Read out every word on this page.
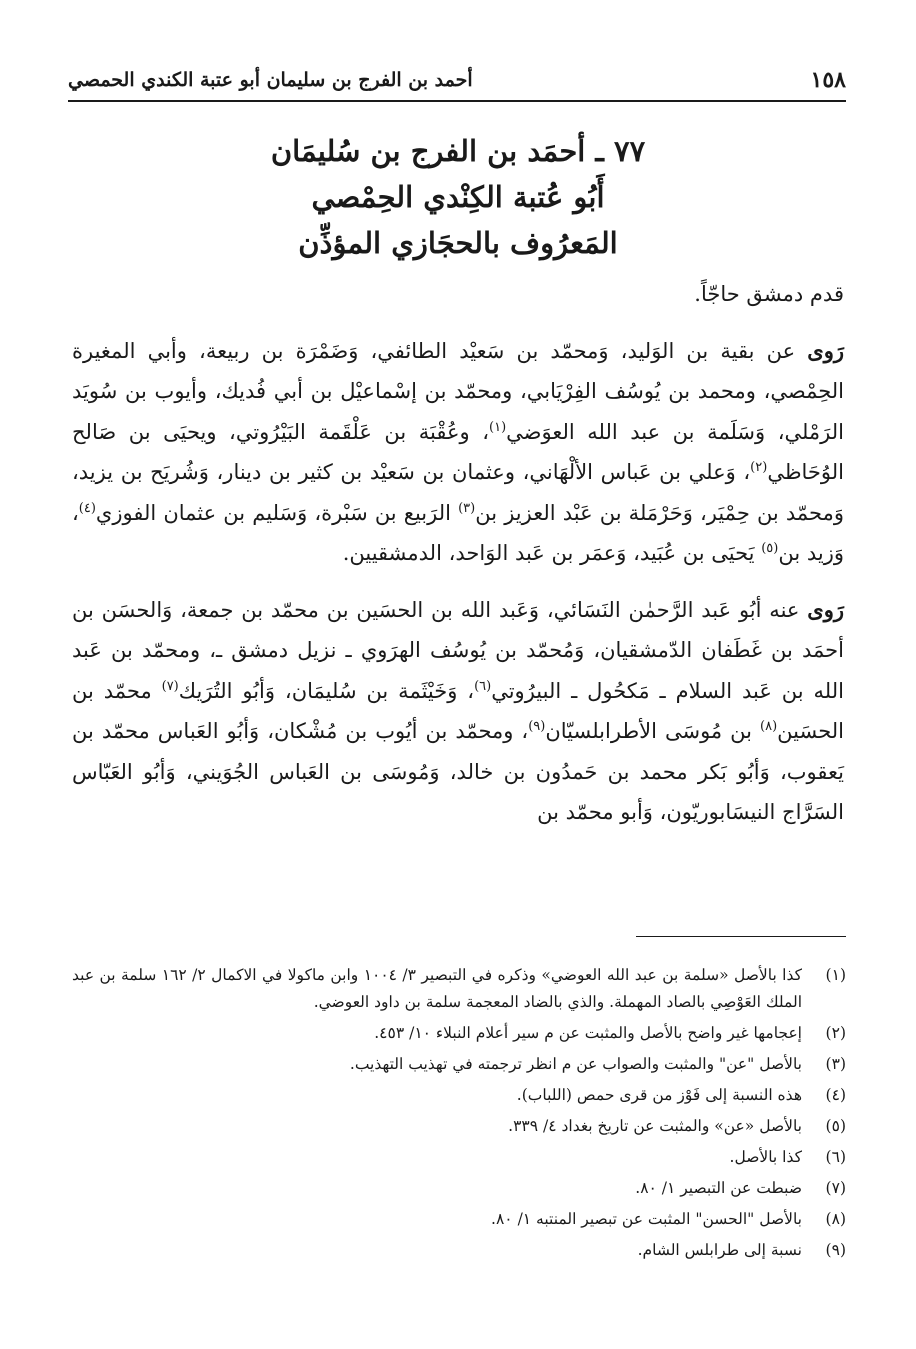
١٥٨
أحمد بن الفرج بن سليمان أبو عتبة الكندي الحمصي
٧٧ ـ أحمَد بن الفرج بن سُليمَان
أَبُو عُتبة الكِنْدي الحِمْصي
المَعرُوف بالحجَازي المؤذِّن

قدم دمشق حاجّاً.

رَوى عن بقية بن الوَليد، وَمحمّد بن سَعيْد الطائفي، وَضَمْرَة بن ربيعة، وأبي المغيرة الحِمْصي، ومحمد بن يُوسُف الفِرْيَابي، ومحمّد بن إسْماعيْل بن أبي فُديك، وأيوب بن سُويَد الرَمْلي، وَسَلَمة بن عبد الله العوَضي$^{(١)}$، وعُقْبَة بن عَلْقَمة البَيْرُوتي، ويحيَى بن صَالح الوُحَاظي$^{(٢)}$، وَعلي بن عَباس الألْهَاني، وعثمان بن سَعيْد بن كثير بن دينار، وَشُريَح بن يزيد، وَمحمّد بن حِمْيَر، وَحَرْمَلة بن عَبْد العزيز بن$^{(٣)}$ الرَبيع بن سَبْرة، وَسَليم بن عثمان الفوزي$^{(٤)}$، وَزيد بن$^{(٥)}$ يَحيَى بن عُبَيد، وَعمَر بن عَبد الوَاحد، الدمشقيين.

رَوى عنه أبُو عَبد الرَّحمٰن النَسَائي، وَعَبد الله بن الحسَين بن محمّد بن جمعة، وَالحسَن بن أحمَد بن غَطَفان الدّمشقيان، وَمُحمّد بن يُوسُف الهرَوي ـ نزيل دمشق ـ، ومحمّد بن عَبد الله بن عَبد السلام ـ مَكحُول ـ البيرُوتي$^{(٦)}$، وَخَيْثَمة بن سُليمَان، وَأبُو التُرَيك$^{(٧)}$ محمّد بن الحسَين$^{(٨)}$ بن مُوسَى الأطرابلسيّان$^{(٩)}$، ومحمّد بن أيُوب بن مُشْكان، وَأبُو العَباس محمّد بن يَعقوب، وَأبُو بَكر محمد بن حَمدُون بن خالد، وَمُوسَى بن العَباس الجُوَيني، وَأبُو العَبّاس السَرَّاج النيسَابوريّون، وَأبو محمّد بن

(١)
كذا بالأصل «سلمة بن عبد الله العوضي» وذكره في التبصير ٣/ ١٠٠٤ وابن ماكولا في الاكمال ٢/ ١٦٢ سلمة بن عبد الملك العَوْصِي بالصاد المهملة. والذي بالضاد المعجمة سلمة بن داود العوضي.
(٢)
إعجامها غير واضح بالأصل والمثبت عن م سير أعلام النبلاء ١٠/ ٤٥٣.
(٣)
بالأصل "عن" والمثبت والصواب عن م انظر ترجمته في تهذيب التهذيب.
(٤)
هذه النسبة إلى فَوْز من قرى حمص (اللباب).
(٥)
بالأصل «عن» والمثبت عن تاريخ بغداد ٤/ ٣٣٩.
(٦)
كذا بالأصل.
(٧)
ضبطت عن التبصير ١/ ٨٠.
(٨)
بالأصل "الحسن" المثبت عن تبصير المنتبه ١/ ٨٠.
(٩)
نسبة إلى طرابلس الشام.
